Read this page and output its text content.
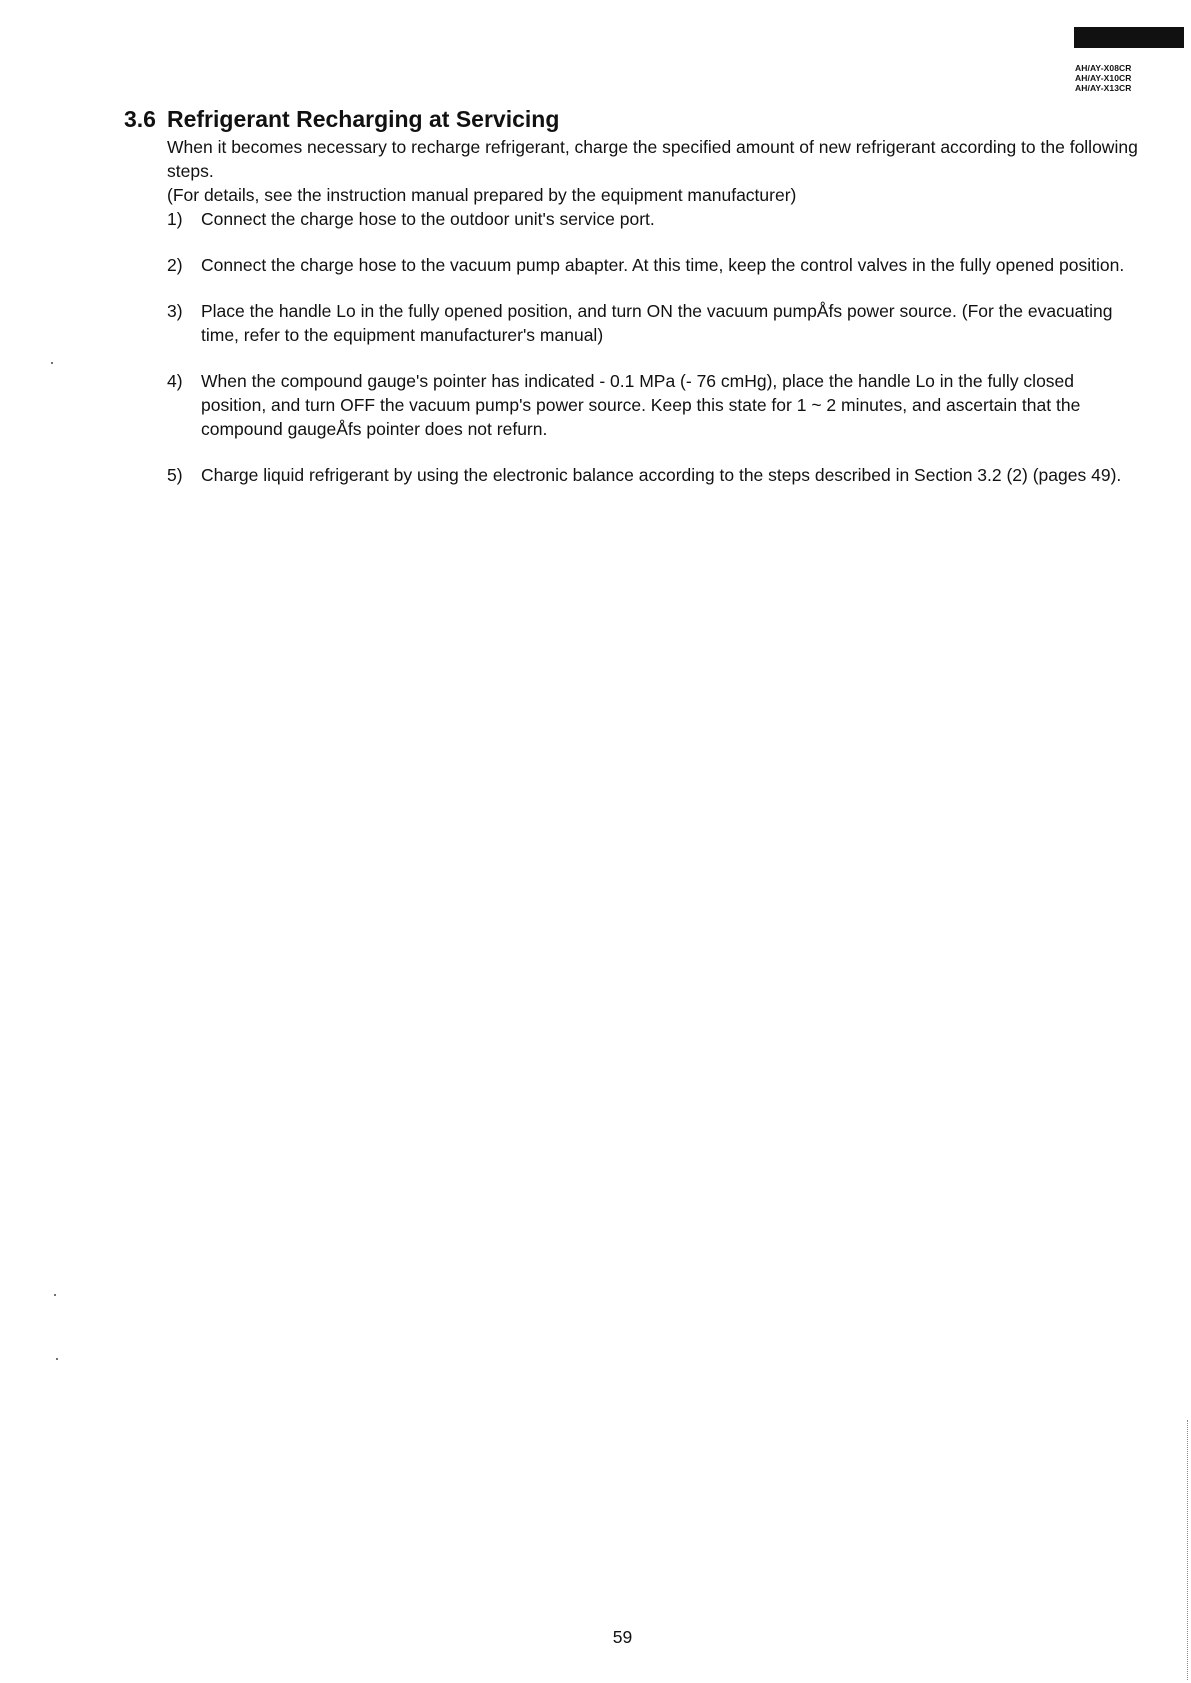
AH/AY-X08CR
AH/AY-X10CR
AH/AY-X13CR
3.6 Refrigerant Recharging at Servicing

When it becomes necessary to recharge refrigerant, charge the specified amount of new refrigerant according to the following steps.

(For details, see the instruction manual prepared by the equipment manufacturer)

1) Connect the charge hose to the outdoor unit's service port.
2) Connect the charge hose to the vacuum pump abapter. At this time, keep the control valves in the fully opened position.
3) Place the handle Lo in the fully opened position, and turn ON the vacuum pumpÅfs power source. (For the evacuating time, refer to the equipment manufacturer's manual)
4) When the compound gauge's pointer has indicated - 0.1 MPa (- 76 cmHg), place the handle Lo in the fully closed position, and turn OFF the vacuum pump's power source. Keep this state for 1 ~ 2 minutes, and ascertain that the compound gaugeÅfs pointer does not refurn.
5) Charge liquid refrigerant by using the electronic balance according to the steps described in Section 3.2 (2) (pages 49).
59
